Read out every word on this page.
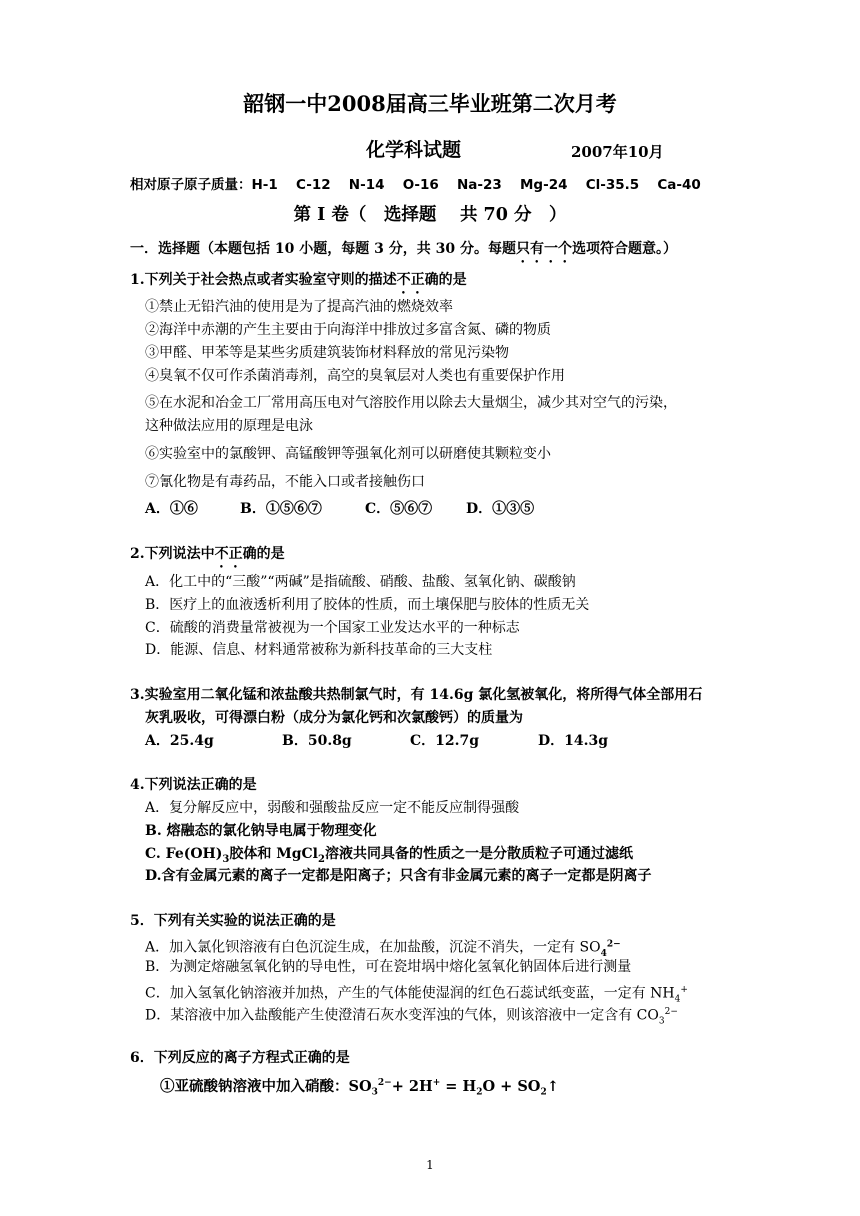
韶钢一中2008届高三毕业班第二次月考
化学科试题	2007年10月
相对原子原子质量：H-1　 C-12　 N-14　 O-16　 Na-23　 Mg-24　 Cl-35.5　 Ca-40
第 I 卷（　选择题　 共 70 分　）
一．选择题（本题包括 10 小题，每题 3 分，共 30 分。每题只有一个选项符合题意。）
1.下列关于社会热点或者实验室守则的描述不正确的是
①禁止无铅汽油的使用是为了提高汽油的燃烧效率
②海洋中赤潮的产生主要由于向海洋中排放过多富含氮、磷的物质
③甲醛、甲苯等是某些劣质建筑装饰材料释放的常见污染物
④臭氧不仅可作杀菌消毒剂，高空的臭氧层对人类也有重要保护作用
⑤在水泥和冶金工厂常用高压电对气溶胶作用以除去大量烟尘，减少其对空气的污染，
这种做法应用的原理是电泳
⑥实验室中的氯酸钾、高锰酸钾等强氧化剂可以研磨使其颗粒变小
⑦氰化物是有毒药品，不能入口或者接触伤口
A．①⑥	B．①⑤⑥⑦	C．⑤⑥⑦ D．①③⑤
2.下列说法中不正确的是
A．化工中的“三酸”“两碱”是指硫酸、硝酸、盐酸、氢氧化钠、碳酸钠
B．医疗上的血液透析利用了胶体的性质，而土壤保肥与胶体的性质无关
C．硫酸的消费量常被视为一个国家工业发达水平的一种标志
D．能源、信息、材料通常被称为新科技革命的三大支柱
3.实验室用二氧化锰和浓盐酸共热制氯气时，有 14.6g 氯化氢被氧化，将所得气体全部用石
灰乳吸收，可得漂白粉（成分为氯化钙和次氯酸钙）的质量为
A．25.4g	B．50.8g	C．12.7g	D．14.3g
4.下列说法正确的是
A．复分解反应中，弱酸和强酸盐反应一定不能反应制得强酸
B. 熔融态的氯化钠导电属于物理变化
C. $Fe(OH)_3$胶体和 MgCl$_2$溶液共同具备的性质之一是分散质粒子可通过滤纸
D.含有金属元素的离子一定都是阳离子；只含有非金属元素的离子一定都是阴离子
5．下列有关实验的说法正确的是
A．加入氯化钡溶液有白色沉淀生成，在加盐酸，沉淀不消失，一定有 $SO_4^{2-}$
B．为测定熔融氢氧化钠的导电性，可在瓷坩埚中熔化氢氧化钠固体后进行测量
C．加入氢氧化钠溶液并加热，产生的气体能使湿润的红色石蕊试纸变蓝，一定有 $NH_4^+$
D．某溶液中加入盐酸能产生使澄清石灰水变浑浊的气体，则该溶液中一定含有 $CO_3^{2-}$
6．下列反应的离子方程式正确的是
①亚硫酸钠溶液中加入硝酸：$SO_3^{2-}+ 2H^+ = H_2O$ + $SO_2↑$
1
